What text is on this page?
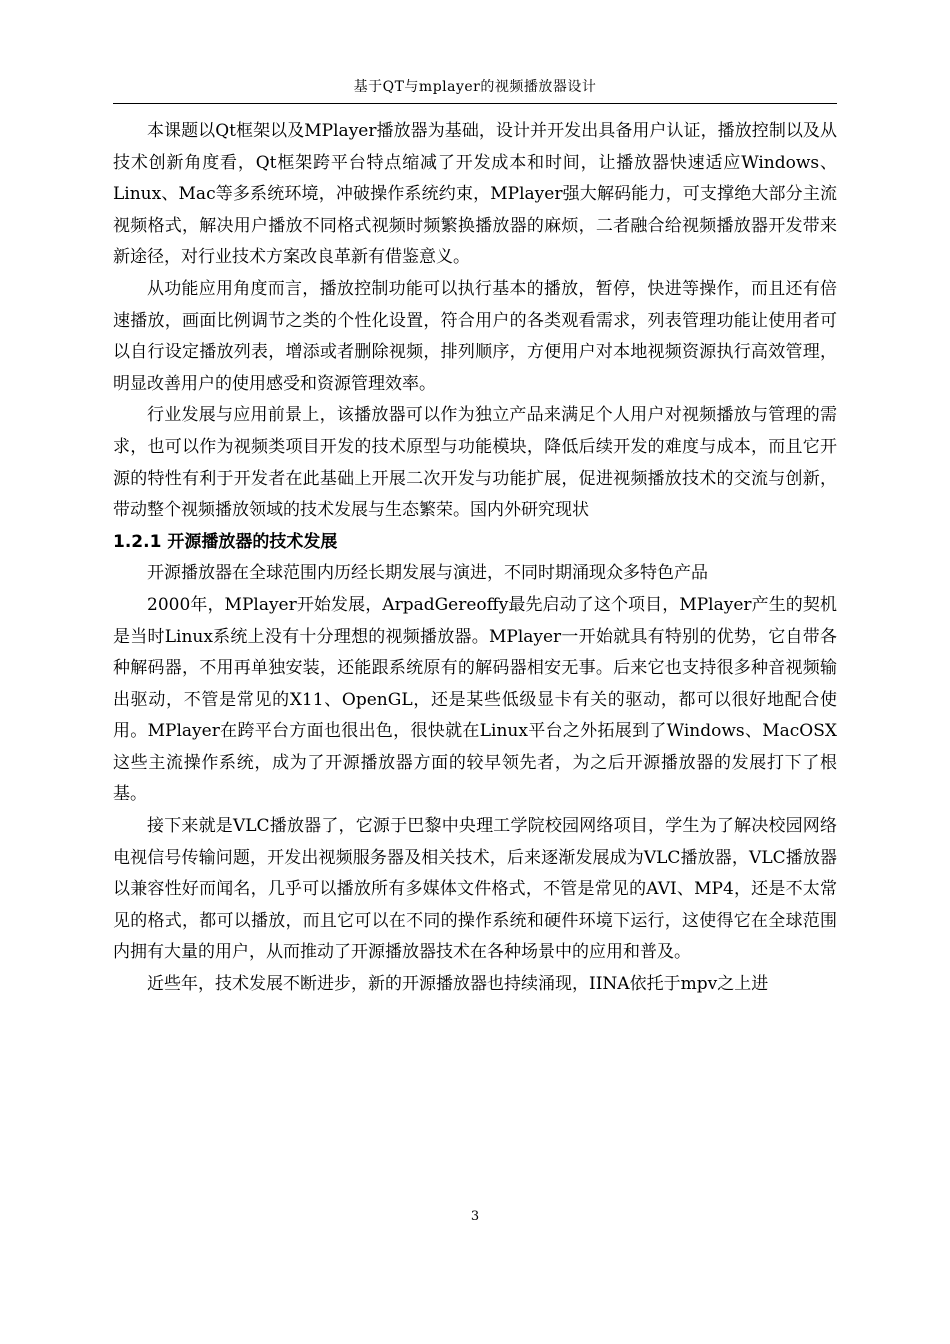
基于QT与mplayer的视频播放器设计

本课题以Qt框架以及MPlayer播放器为基础，设计并开发出具备用户认证，播放控制以及从技术创新角度看，Qt框架跨平台特点缩减了开发成本和时间，让播放器快速适应Windows、Linux、Mac等多系统环境，冲破操作系统约束，MPlayer强大解码能力，可支撑绝大部分主流视频格式，解决用户播放不同格式视频时频繁换播放器的麻烦，二者融合给视频播放器开发带来新途径，对行业技术方案改良革新有借鉴意义。

从功能应用角度而言，播放控制功能可以执行基本的播放，暂停，快进等操作，而且还有倍速播放，画面比例调节之类的个性化设置，符合用户的各类观看需求，列表管理功能让使用者可以自行设定播放列表，增添或者删除视频，排列顺序，方便用户对本地视频资源执行高效管理，明显改善用户的使用感受和资源管理效率。

行业发展与应用前景上，该播放器可以作为独立产品来满足个人用户对视频播放与管理的需求，也可以作为视频类项目开发的技术原型与功能模块，降低后续开发的难度与成本，而且它开源的特性有利于开发者在此基础上开展二次开发与功能扩展，促进视频播放技术的交流与创新，带动整个视频播放领域的技术发展与生态繁荣。国内外研究现状

1.2.1 开源播放器的技术发展

开源播放器在全球范围内历经长期发展与演进，不同时期涌现众多特色产品

2000年，MPlayer开始发展，ArpadGereoffy最先启动了这个项目，MPlayer产生的契机是当时Linux系统上没有十分理想的视频播放器。MPlayer一开始就具有特别的优势，它自带各种解码器，不用再单独安装，还能跟系统原有的解码器相安无事。后来它也支持很多种音视频输出驱动，不管是常见的X11、OpenGL，还是某些低级显卡有关的驱动，都可以很好地配合使用。MPlayer在跨平台方面也很出色，很快就在Linux平台之外拓展到了Windows、MacOSX这些主流操作系统，成为了开源播放器方面的较早领先者，为之后开源播放器的发展打下了根基。

接下来就是VLC播放器了，它源于巴黎中央理工学院校园网络项目，学生为了解决校园网络电视信号传输问题，开发出视频服务器及相关技术，后来逐渐发展成为VLC播放器，VLC播放器以兼容性好而闻名，几乎可以播放所有多媒体文件格式，不管是常见的AVI、MP4，还是不太常见的格式，都可以播放，而且它可以在不同的操作系统和硬件环境下运行，这使得它在全球范围内拥有大量的用户，从而推动了开源播放器技术在各种场景中的应用和普及。

近些年，技术发展不断进步，新的开源播放器也持续涌现，IINA依托于mpv之上进

3
